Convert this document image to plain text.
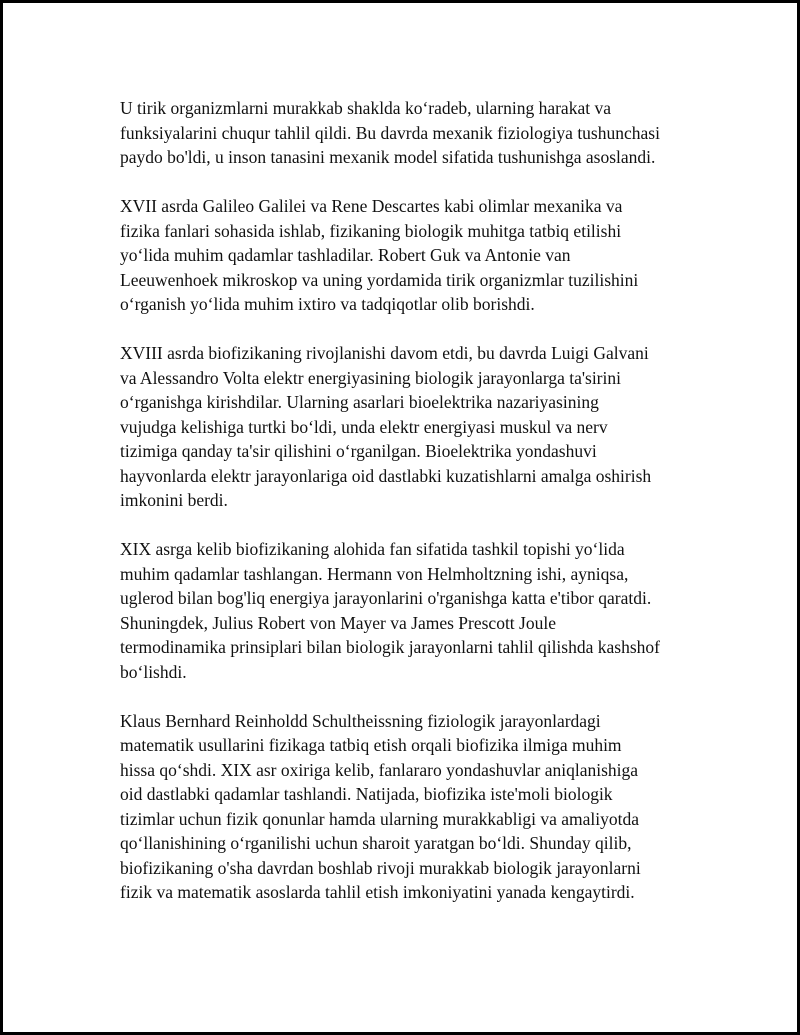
U tirik organizmlarni murakkab shaklda ko‘radeb, ularning harakat va
funksiyalarini chuqur tahlil qildi. Bu davrda mexanik fiziologiya tushunchasi
paydo bo'ldi, u inson tanasini mexanik model sifatida tushunishga asoslandi.

XVII asrda Galileo Galilei va Rene Descartes kabi olimlar mexanika va
fizika fanlari sohasida ishlab, fizikaning biologik muhitga tatbiq etilishi
yo‘lida muhim qadamlar tashladilar. Robert Guk va Antonie van
Leeuwenhoek mikroskop va uning yordamida tirik organizmlar tuzilishini
o‘rganish yo‘lida muhim ixtiro va tadqiqotlar olib borishdi.

XVIII asrda biofizikaning rivojlanishi davom etdi, bu davrda Luigi Galvani
va Alessandro Volta elektr energiyasining biologik jarayonlarga ta'sirini
o‘rganishga kirishdilar. Ularning asarlari bioelektrika nazariyasining
vujudga kelishiga turtki bo‘ldi, unda elektr energiyasi muskul va nerv
tizimiga qanday ta'sir qilishini o‘rganilgan. Bioelektrika yondashuvi
hayvonlarda elektr jarayonlariga oid dastlabki kuzatishlarni amalga oshirish
imkonini berdi.

XIX asrga kelib biofizikaning alohida fan sifatida tashkil topishi yo‘lida
muhim qadamlar tashlangan. Hermann von Helmholtzning ishi, ayniqsa,
uglerod bilan bog'liq energiya jarayonlarini o'rganishga katta e'tibor qaratdi.
Shuningdek, Julius Robert von Mayer va James Prescott Joule
termodinamika prinsiplari bilan biologik jarayonlarni tahlil qilishda kashshof
bo‘lishdi.

Klaus Bernhard Reinholdd Schultheissning fiziologik jarayonlardagi
matematik usullarini fizikaga tatbiq etish orqali biofizika ilmiga muhim
hissa qo‘shdi. XIX asr oxiriga kelib, fanlararo yondashuvlar aniqlanishiga
oid dastlabki qadamlar tashlandi. Natijada, biofizika iste'moli biologik
tizimlar uchun fizik qonunlar hamda ularning murakkabligi va amaliyotda
qo‘llanishining o‘rganilishi uchun sharoit yaratgan bo‘ldi. Shunday qilib,
biofizikaning o'sha davrdan boshlab rivoji murakkab biologik jarayonlarni
fizik va matematik asoslarda tahlil etish imkoniyatini yanada kengaytirdi.
